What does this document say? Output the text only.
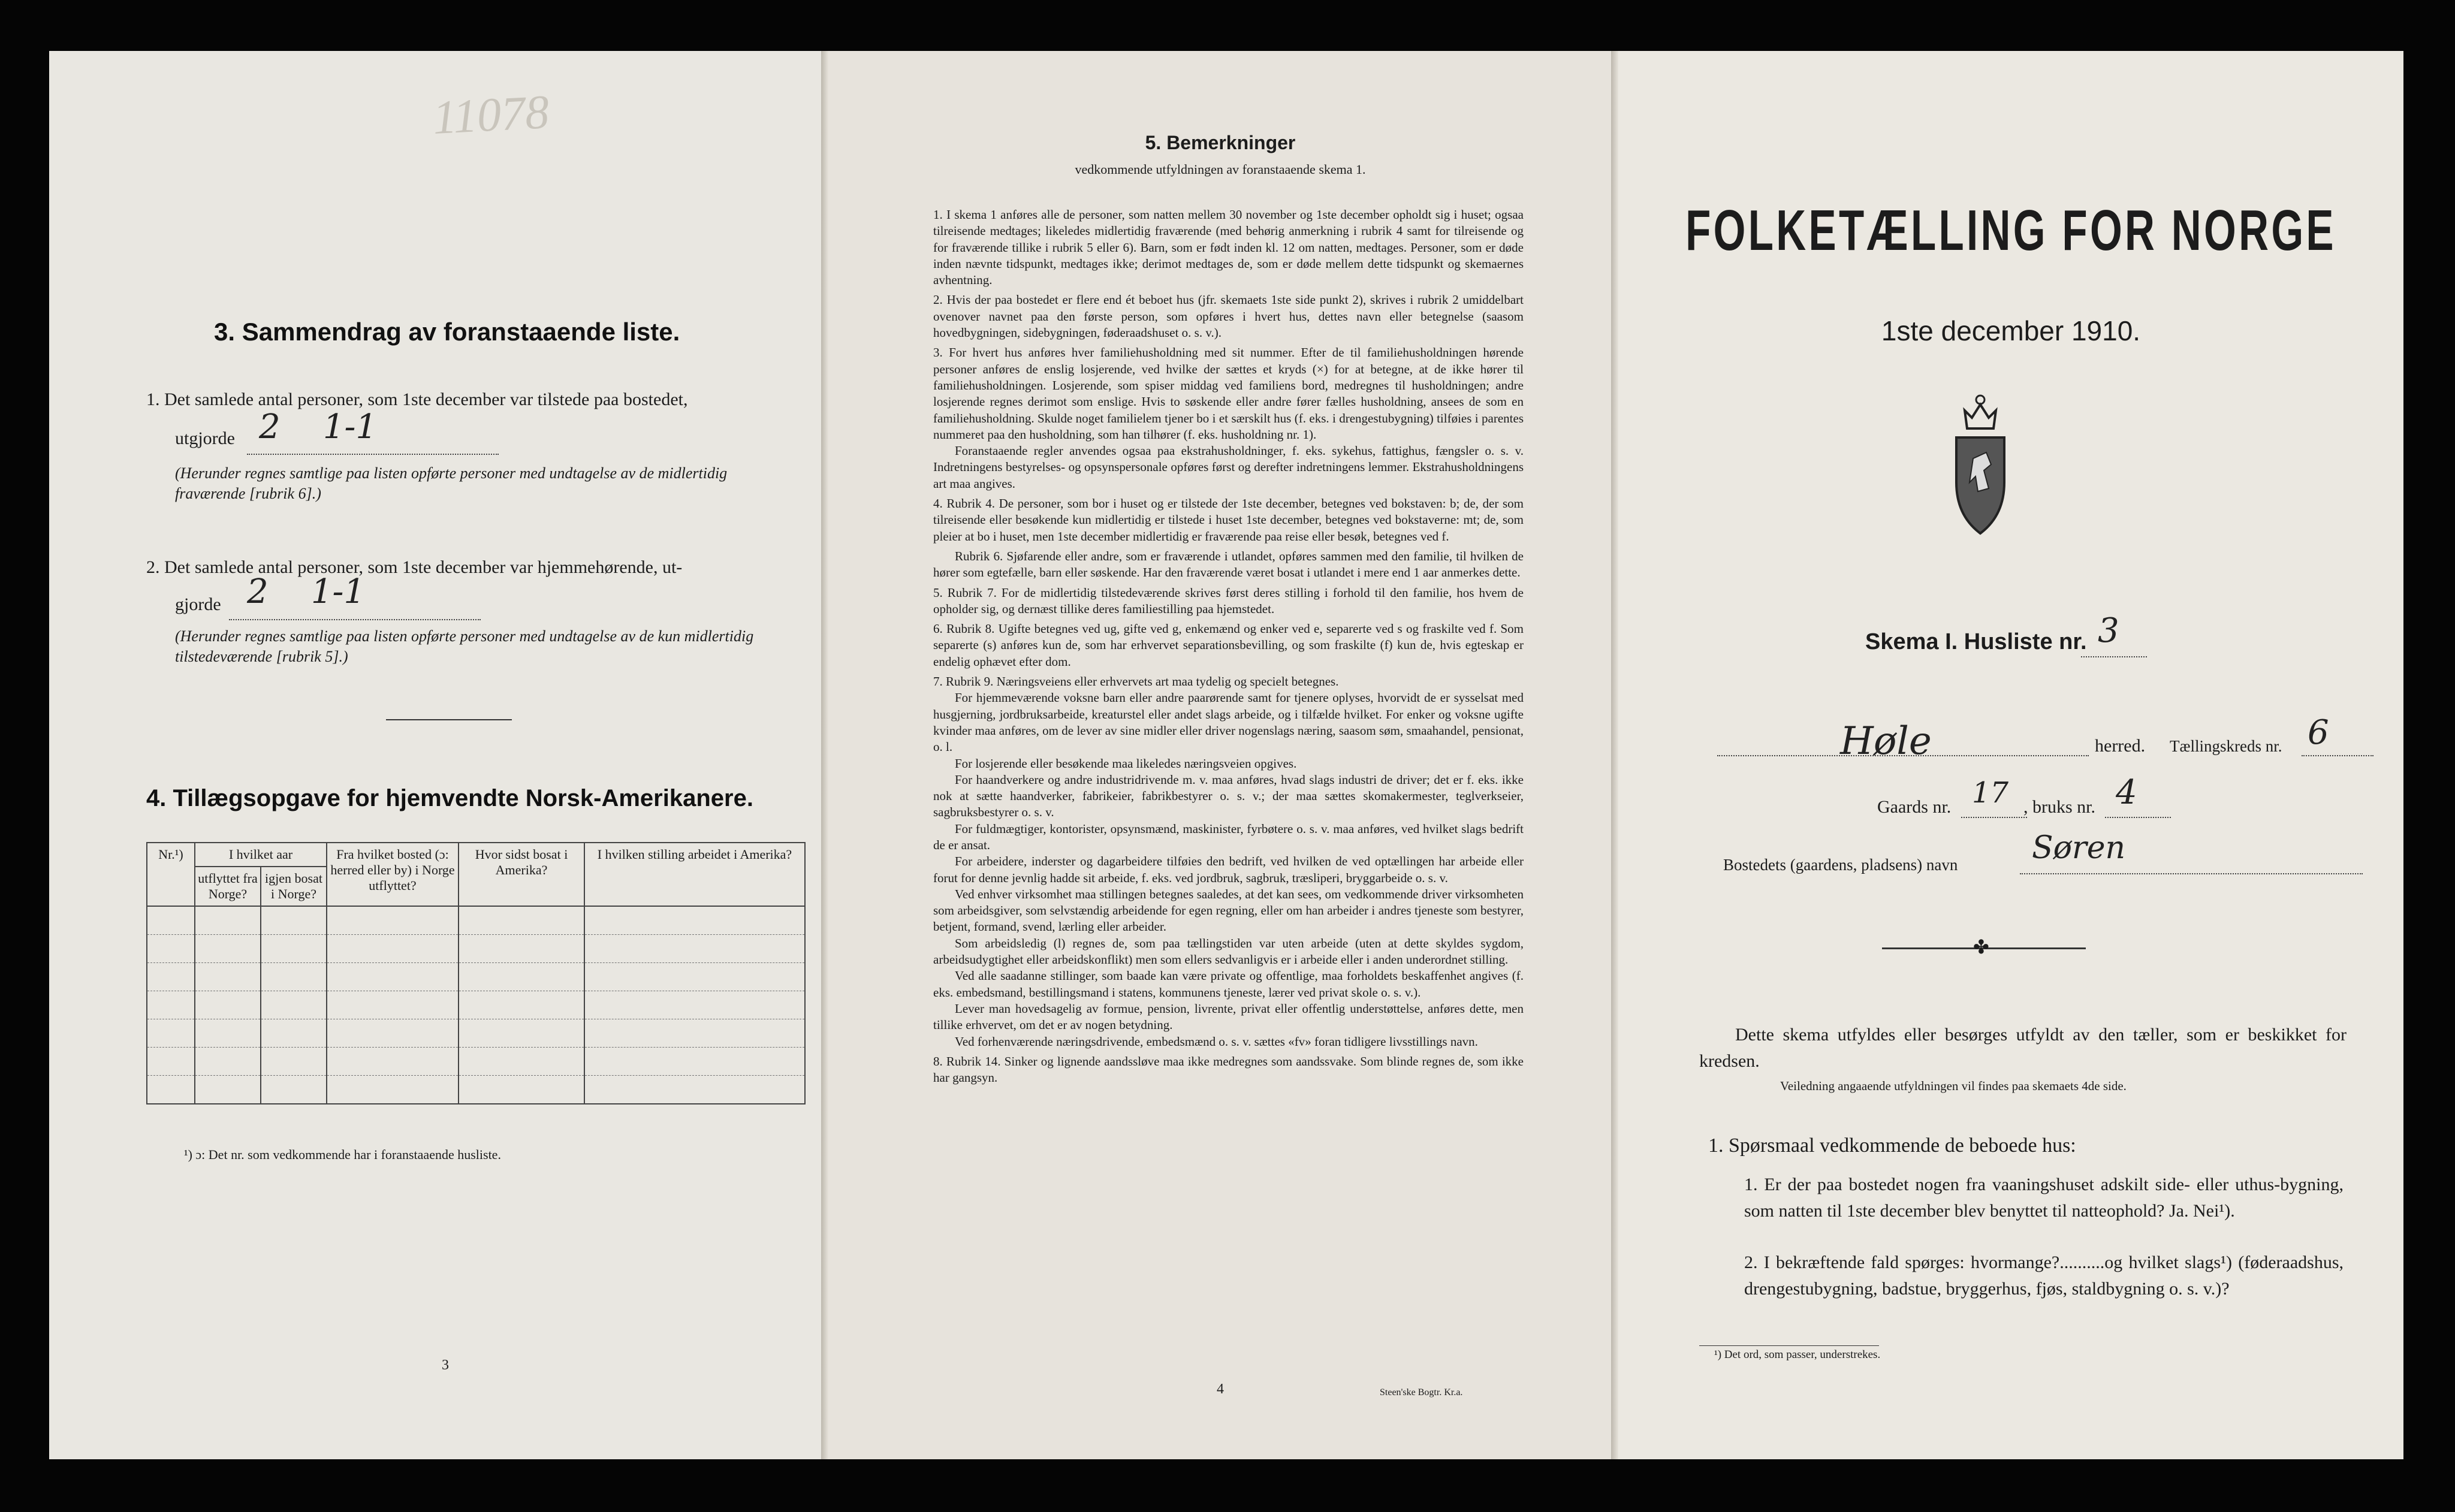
11078
3. Sammendrag av foranstaaende liste.
1. Det samlede antal personer, som 1ste december var tilstede paa bostedet,
utgjorde 2    1-1
(Herunder regnes samtlige paa listen opførte personer med undtagelse av de midlertidig fraværende [rubrik 6].)
2. Det samlede antal personer, som 1ste december var hjemmehørende, ut-
gjorde 2    1-1
(Herunder regnes samtlige paa listen opførte personer med undtagelse av de kun midlertidig tilstedeværende [rubrik 5].)
4. Tillægsopgave for hjemvendte Norsk-Amerikanere.
Nr.¹)	I hvilket aar		Fra hvilket bosted (ɔ: herred eller by) i Norge utflyttet?	Hvor sidst bosat i Amerika?	I hvilken stilling arbeidet i Amerika?
	utflyttet fra Norge?	igjen bosat i Norge?			

¹) ɔ: Det nr. som vedkommende har i foranstaaende husliste.
3
5. Bemerkninger
vedkommende utfyldningen av foranstaaende skema 1.

1. I skema 1 anføres alle de personer, som natten mellem 30 november og 1ste december opholdt sig i huset; ogsaa tilreisende medtages; likeledes midlertidig fraværende (med behørig anmerkning i rubrik 4 samt for tilreisende og for fraværende tillike i rubrik 5 eller 6). Barn, som er født inden kl. 12 om natten, medtages. Personer, som er døde inden nævnte tidspunkt, medtages ikke; derimot medtages de, som er døde mellem dette tidspunkt og skemaernes avhentning.

2. Hvis der paa bostedet er flere end ét beboet hus (jfr. skemaets 1ste side punkt 2), skrives i rubrik 2 umiddelbart ovenover navnet paa den første person, som opføres i hvert hus, dettes navn eller betegnelse (saasom hovedbygningen, sidebygningen, føderaadshuset o. s. v.).

3. For hvert hus anføres hver familiehusholdning med sit nummer. Efter de til familiehusholdningen hørende personer anføres de enslig losjerende, ved hvilke der sættes et kryds (×) for at betegne, at de ikke hører til familiehusholdningen. Losjerende, som spiser middag ved familiens bord, medregnes til husholdningen; andre losjerende regnes derimot som enslige. Hvis to søskende eller andre fører fælles husholdning, ansees de som en familiehusholdning. Skulde noget familielem tjener bo i et særskilt hus (f. eks. i drengestubygning) tilføies i parentes nummeret paa den husholdning, som han tilhører (f. eks. husholdning nr. 1).

Foranstaaende regler anvendes ogsaa paa ekstrahusholdninger, f. eks. sykehus, fattighus, fængsler o. s. v. Indretningens bestyrelses- og opsynspersonale opføres først og derefter indretningens lemmer. Ekstrahusholdningens art maa angives.

4. Rubrik 4. De personer, som bor i huset og er tilstede der 1ste december, betegnes ved bokstaven: b; de, der som tilreisende eller besøkende kun midlertidig er tilstede i huset 1ste december, betegnes ved bokstaverne: mt; de, som pleier at bo i huset, men 1ste december midlertidig er fraværende paa reise eller besøk, betegnes ved f.

Rubrik 6. Sjøfarende eller andre, som er fraværende i utlandet, opføres sammen med den familie, til hvilken de hører som egtefælle, barn eller søskende. Har den fraværende været bosat i utlandet i mere end 1 aar anmerkes dette.

5. Rubrik 7. For de midlertidig tilstedeværende skrives først deres stilling i forhold til den familie, hos hvem de opholder sig, og dernæst tillike deres familiestilling paa hjemstedet.

6. Rubrik 8. Ugifte betegnes ved ug, gifte ved g, enkemænd og enker ved e, separerte ved s og fraskilte ved f. Som separerte (s) anføres kun de, som har erhvervet separationsbevilling, og som fraskilte (f) kun de, hvis egteskap er endelig ophævet efter dom.

7. Rubrik 9. Næringsveiens eller erhvervets art maa tydelig og specielt betegnes.

For hjemmeværende voksne barn eller andre paarørende samt for tjenere oplyses, hvorvidt de er sysselsat med husgjerning, jordbruksarbeide, kreaturstel eller andet slags arbeide, og i tilfælde hvilket. For enker og voksne ugifte kvinder maa anføres, om de lever av sine midler eller driver nogenslags næring, saasom søm, smaahandel, pensionat, o. l.

For losjerende eller besøkende maa likeledes næringsveien opgives.

For haandverkere og andre industridrivende m. v. maa anføres, hvad slags industri de driver; det er f. eks. ikke nok at sætte haandverker, fabrikeier, fabrikbestyrer o. s. v.; der maa sættes skomakermester, teglverkseier, sagbruksbestyrer o. s. v.

For fuldmægtiger, kontorister, opsynsmænd, maskinister, fyrbøtere o. s. v. maa anføres, ved hvilket slags bedrift de er ansat.

For arbeidere, inderster og dagarbeidere tilføies den bedrift, ved hvilken de ved optællingen har arbeide eller forut for denne jevnlig hadde sit arbeide, f. eks. ved jordbruk, sagbruk, træsliperi, bryggarbeide o. s. v.

Ved enhver virksomhet maa stillingen betegnes saaledes, at det kan sees, om vedkommende driver virksomheten som arbeidsgiver, som selvstændig arbeidende for egen regning, eller om han arbeider i andres tjeneste som bestyrer, betjent, formand, svend, lærling eller arbeider.

Som arbeidsledig (l) regnes de, som paa tællingstiden var uten arbeide (uten at dette skyldes sygdom, arbeidsudygtighet eller arbeidskonflikt) men som ellers sedvanligvis er i arbeide eller i anden underordnet stilling.

Ved alle saadanne stillinger, som baade kan være private og offentlige, maa forholdets beskaffenhet angives (f. eks. embedsmand, bestillingsmand i statens, kommunens tjeneste, lærer ved privat skole o. s. v.).

Lever man hovedsagelig av formue, pension, livrente, privat eller offentlig understøttelse, anføres dette, men tillike erhvervet, om det er av nogen betydning.

Ved forhenværende næringsdrivende, embedsmænd o. s. v. sættes «fv» foran tidligere livsstillings navn.

8. Rubrik 14. Sinker og lignende aandssløve maa ikke medregnes som aandssvake. Som blinde regnes de, som ikke har gangsyn.

4	Steen'ske Bogtr. Kr.a.
FOLKETÆLLING FOR NORGE
1ste december 1910.
Skema I. Husliste nr. 3
Høle	herred. Tællingskreds nr. 6
Gaards nr. 17 , bruks nr. 4
Bostedets (gaardens, pladsens) navn Søren
✤
Dette skema utfyldes eller besørges utfyldt av den tæller, som er beskikket for kredsen.
Veiledning angaaende utfyldningen vil findes paa skemaets 4de side.
1. Spørsmaal vedkommende de beboede hus:
1. Er der paa bostedet nogen fra vaaningshuset adskilt side- eller uthus-bygning, som natten til 1ste december blev benyttet til natteophold? Ja. Nei¹).
2. I bekræftende fald spørges: hvormange?..........og hvilket slags¹) (føderaadshus, drengestubygning, badstue, bryggerhus, fjøs, staldbygning o. s. v.)?
¹) Det ord, som passer, understrekes.
